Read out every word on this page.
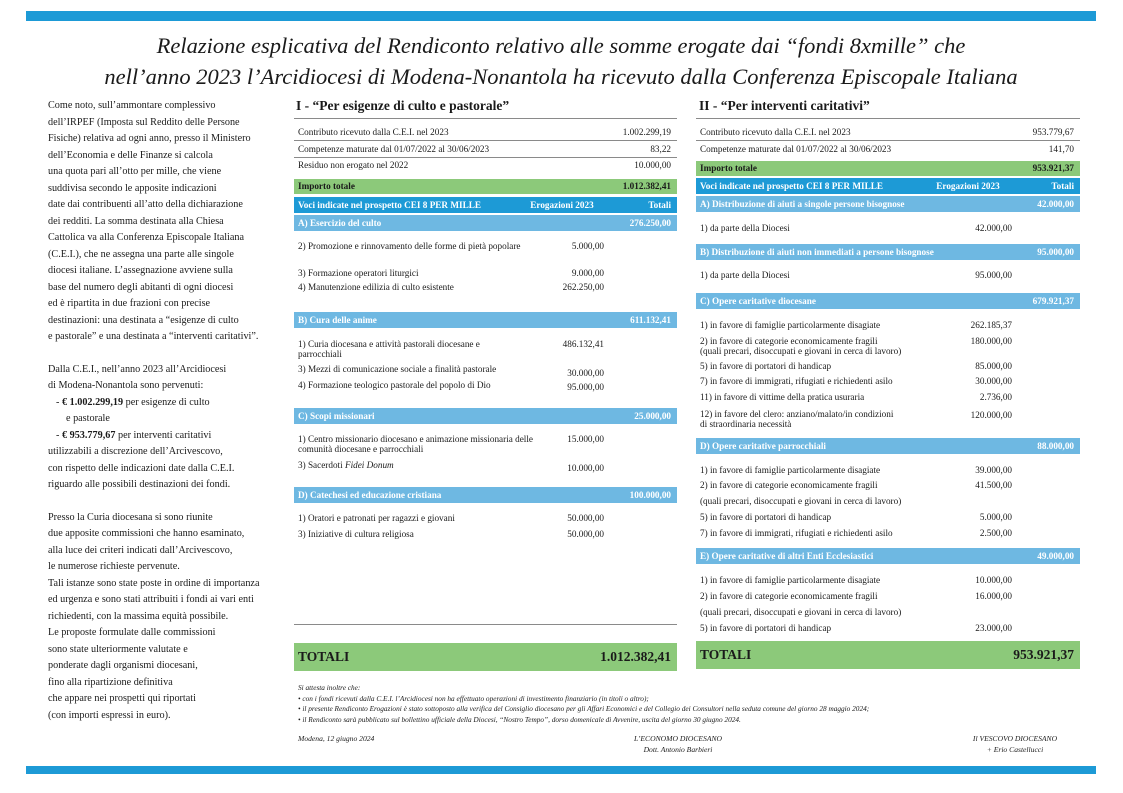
Relazione esplicativa del Rendiconto relativo alle somme erogate dai “fondi 8xmille” che
nell’anno 2023 l’Arcidiocesi di Modena-Nonantola ha ricevuto dalla Conferenza Episcopale Italiana

Come noto, sull’ammontare complessivo
dell’IRPEF (Imposta sul Reddito delle Persone
Fisiche) relativa ad ogni anno, presso il Ministero
dell’Economia e delle Finanze si calcola
una quota pari all’otto per mille, che viene
suddivisa secondo le apposite indicazioni
date dai contribuenti all’atto della dichiarazione
dei redditi. La somma destinata alla Chiesa
Cattolica va alla Conferenza Episcopale Italiana
(C.E.I.), che ne assegna una parte alle singole
diocesi italiane. L’assegnazione avviene sulla
base del numero degli abitanti di ogni diocesi
ed è ripartita in due frazioni con precise
destinazioni: una destinata a “esigenze di culto
e pastorale” e una destinata a “interventi caritativi”.

Dalla C.E.I., nell’anno 2023 all’Arcidiocesi
di Modena-Nonantola sono pervenuti:
- € 1.002.299,19 per esigenze di culto
e pastorale
- € 953.779,67 per interventi caritativi
utilizzabili a discrezione dell’Arcivescovo,
con rispetto delle indicazioni date dalla C.E.I.
riguardo alle possibili destinazioni dei fondi.

Presso la Curia diocesana si sono riunite
due apposite commissioni che hanno esaminato,
alla luce dei criteri indicati dall’Arcivescovo,
le numerose richieste pervenute.
Tali istanze sono state poste in ordine di importanza
ed urgenza e sono stati attribuiti i fondi ai vari enti
richiedenti, con la massima equità possibile.
Le proposte formulate dalle commissioni
sono state ulteriormente valutate e
ponderate dagli organismi diocesani,
fino alla ripartizione definitiva
che appare nei prospetti qui riportati
(con importi espressi in euro).

I - “Per esigenze di culto e pastorale”	II - “Per interventi caritativi”
Contributo ricevuto dalla C.E.I. nel 2023	1.002.299,19
Competenze maturate dal 01/07/2022 al 30/06/2023	83,22
Residuo non erogato nel 2022	10.000,00
Importo totale	1.012.382,41
Voci indicate nel prospetto CEI 8 PER MILLE	Erogazioni 2023	Totali
A) Esercizio del culto	276.250,00
2) Promozione e rinnovamento delle forme di pietà popolare	5.000,00
3) Formazione operatori liturgici	9.000,00
4) Manutenzione edilizia di culto esistente	262.250,00
B) Cura delle anime	611.132,41
1) Curia diocesana e attività pastorali diocesane e parrocchiali
486.132,41
3) Mezzi di comunicazione sociale a finalità pastorale	30.000,00
4) Formazione teologico pastorale del popolo di Dio	95.000,00
C) Scopi missionari	25.000,00
1) Centro missionario diocesano e animazione missionaria delle comunità diocesane e parrocchiali
15.000,00
3) Sacerdoti Fidei Donum	10.000,00
D) Catechesi ed educazione cristiana	100.000,00
1) Oratori e patronati per ragazzi e giovani	50.000,00
3) Iniziative di cultura religiosa	50.000,00
TOTALI	1.012.382,41
Contributo ricevuto dalla C.E.I. nel 2023	953.779,67
Competenze maturate dal 01/07/2022 al 30/06/2023	141,70
Importo totale	953.921,37
Voci indicate nel prospetto CEI 8 PER MILLE	Erogazioni 2023	Totali
A) Distribuzione di aiuti a singole persone bisognose	42.000,00
1) da parte della Diocesi	42.000,00
B) Distribuzione di aiuti non immediati a persone bisognose	95.000,00
1) da parte della Diocesi	95.000,00
C) Opere caritative diocesane	679.921,37
1) in favore di famiglie particolarmente disagiate	262.185,37
2) in favore di categorie economicamente fragili
(quali precari, disoccupati e giovani in cerca di lavoro)
180.000,00
5) in favore di portatori di handicap	85.000,00
7) in favore di immigrati, rifugiati e richiedenti asilo	30.000,00
11) in favore di vittime della pratica usuraria	2.736,00
12) in favore del clero: anziano/malato/in condizioni
di straordinaria necessità
120.000,00
D) Opere caritative parrocchiali	88.000,00
1) in favore di famiglie particolarmente disagiate	39.000,00
2) in favore di categorie economicamente fragili	41.500,00
(quali precari, disoccupati e giovani in cerca di lavoro)
5) in favore di portatori di handicap	5.000,00
7) in favore di immigrati, rifugiati e richiedenti asilo	2.500,00
E) Opere caritative di altri Enti Ecclesiastici	49.000,00
1) in favore di famiglie particolarmente disagiate	10.000,00
2) in favore di categorie economicamente fragili	16.000,00
(quali precari, disoccupati e giovani in cerca di lavoro)
5) in favore di portatori di handicap	23.000,00
TOTALI	953.921,37
Si attesta inoltre che:
• con i fondi ricevuti dalla C.E.I. l’Arcidiocesi non ha effettuato operazioni di investimento finanziario (in titoli o altro);
• il presente Rendiconto Erogazioni è stato sottoposto alla verifica del Consiglio diocesano per gli Affari Economici e del Collegio dei Consultori nella seduta comune del giorno 28 maggio 2024;
• il Rendiconto sarà pubblicato sul bollettino ufficiale della Diocesi, “Nostro Tempo”, dorso domenicale di Avvenire, uscita del giorno 30 giugno 2024.
Modena, 12 giugno 2024	L’ECONOMO DIOCESANO
Dott. Antonio Barbieri
Il VESCOVO DIOCESANO
+ Erio Castellucci
